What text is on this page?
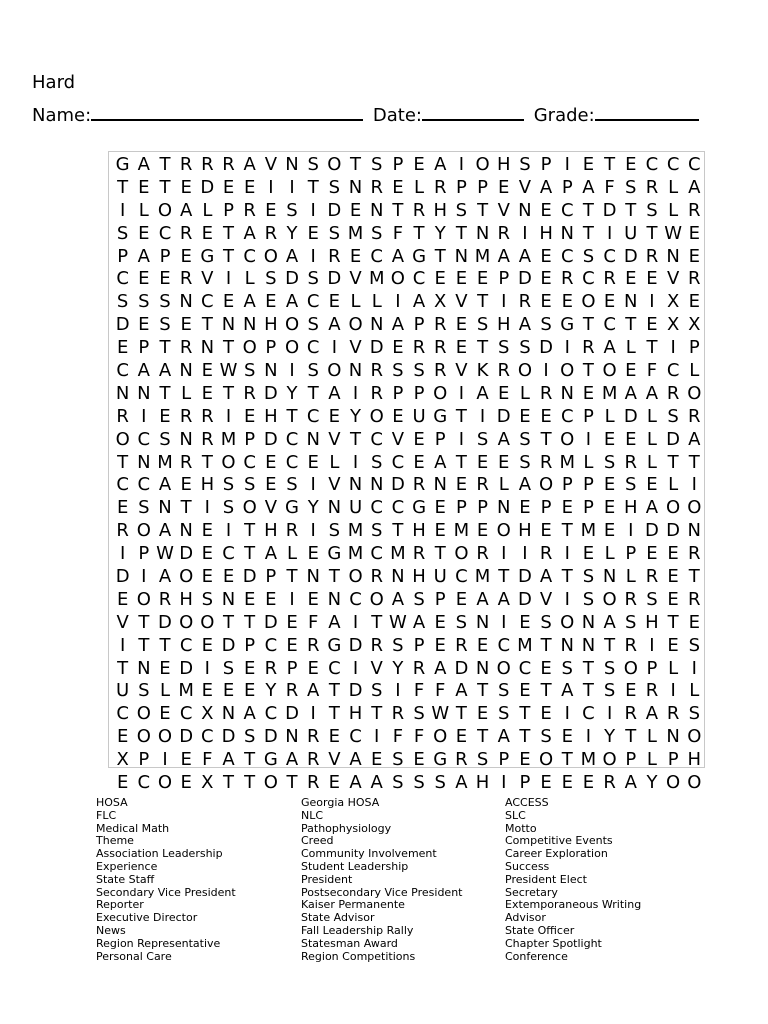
Hard
Name:	Date:	Grade:
G A T R R R A V N S O T S P E A I O H S P I E T E C C C
T E T E D E E I I T S N R E L R P P E V A P A F S R L A
I L O A L P R E S I D E N T R H S T V N E C T D T S L R
S E C R E T A R Y E S M S F T Y T N R I H N T I U T W E
P A P E G T C O A I R E C A G T N M A A E C S C D R N E
C E E R V I L S D S D V M O C E E E P D E R C R E E V R
S S S N C E A E A C E L L I A X V T I R E E O E N I X E
D E S E T N N H O S A O N A P R E S H A S G T C T E X X
E P T R N T O P O C I V D E R R E T S S D I R A L T I P
C A A N E W S N I S O N R S S R V K R O I O T O E F C L
N N T L E T R D Y T A I R P P O I A E L R N E M A A R O
R I E R R I E H T C E Y O E U G T I D E E C P L D L S R
O C S N R M P D C N V T C V E P I S A S T O I E E L D A
T N M R T O C E C E L I S C E A T E E S R M L S R L T T
C C A E H S S E S I V N N D R N E R L A O P P E S E L I
E S N T I S O V G Y N U C C G E P P N E P E P E H A O O
R O A N E I T H R I S M S T H E M E O H E T M E I D D N
I P W D E C T A L E G M C M R T O R I I R I E L P E E R
D I A O E E D P T N T O R N H U C M T D A T S N L R E T
E O R H S N E E I E N C O A S P E A A D V I S O R S E R
V T D O O T T D E F A I T W A E S N I E S O N A S H T E
I T T C E D P C E R G D R S P E R E C M T N N T R I E S
T N E D I S E R P E C I V Y R A D N O C E S T S O P L I
U S L M E E E Y R A T D S I F F A T S E T A T S E R I L
C O E C X N A C D I T H T R S W T E S T E I C I R A R S
E O O D C D S D N R E C I F F O E T A T S E I Y T L N O
X P I E F A T G A R V A E S E G R S P E O T M O P L P H
E C O E X T T O T R E A A S S S A H I P E E E R A Y O O
HOSA
FLC
Medical Math
Theme
Association Leadership
Experience
State Staff
Secondary Vice President
Reporter
Executive Director
News
Region Representative
Personal Care
Georgia HOSA
NLC
Pathophysiology
Creed
Community Involvement
Student Leadership
President
Postsecondary Vice President
Kaiser Permanente
State Advisor
Fall Leadership Rally
Statesman Award
Region Competitions
ACCESS
SLC
Motto
Competitive Events
Career Exploration
Success
President Elect
Secretary
Extemporaneous Writing
Advisor
State Officer
Chapter Spotlight
Conference
